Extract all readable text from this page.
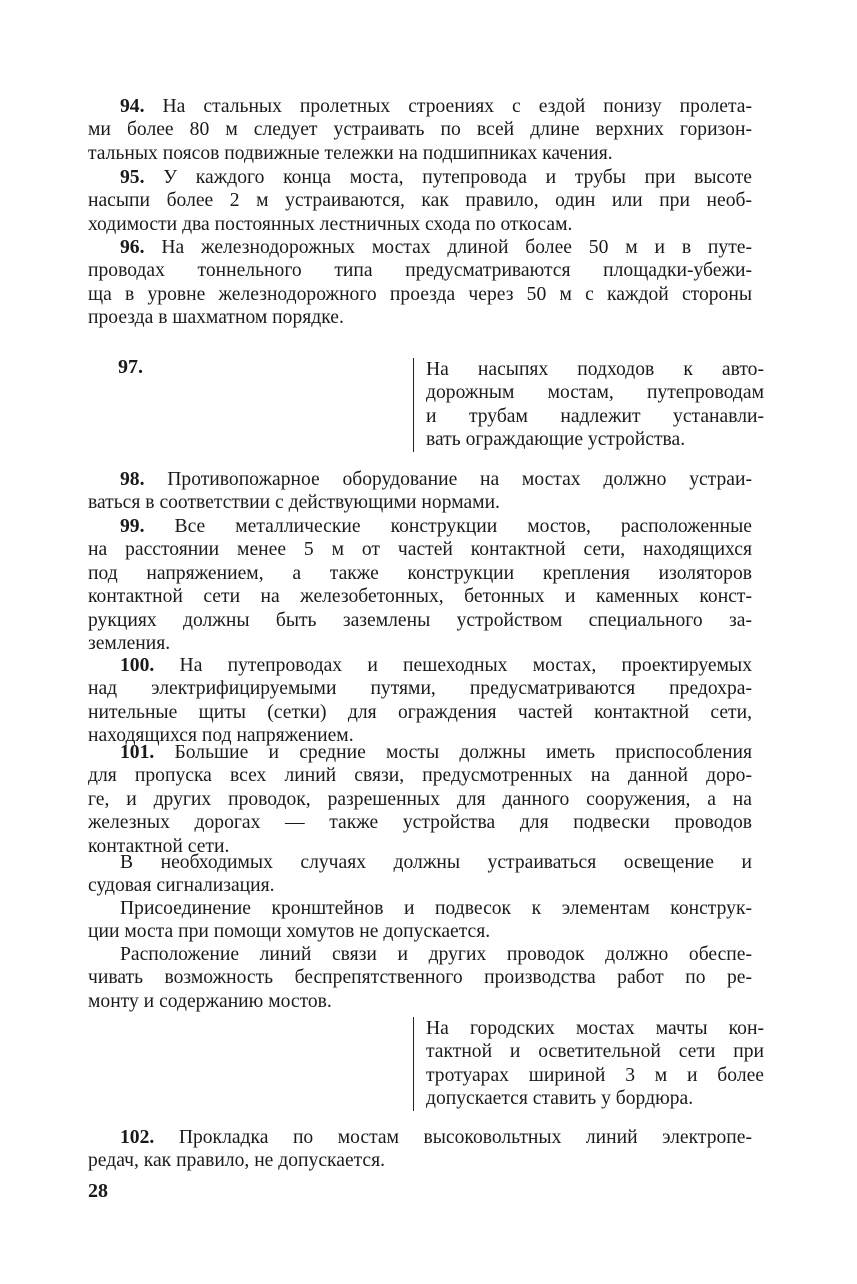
94. На стальных пролетных строениях с ездой понизу пролета-
ми более 80 м следует устраивать по всей длине верхних горизон-
тальных поясов подвижные тележки на подшипниках качения.
95. У каждого конца моста, путепровода и трубы при высоте
насыпи более 2 м устраиваются, как правило, один или при необ-
ходимости два постоянных лестничных схода по откосам.
96. На железнодорожных мостах длиной более 50 м и в путе-
проводах тоннельного типа предусматриваются площадки-убежи-
ща в уровне железнодорожного проезда через 50 м с каждой стороны
проезда в шахматном порядке.
97.	На насыпях подходов к авто-
дорожным мостам, путепроводам
и трубам надлежит устанавли-
вать ограждающие устройства.
98. Противопожарное оборудование на мостах должно устраи-
ваться в соответствии с действующими нормами.
99. Все металлические конструкции мостов, расположенные
на расстоянии менее 5 м от частей контактной сети, находящихся
под напряжением, а также конструкции крепления изоляторов
контактной сети на железобетонных, бетонных и каменных конст-
рукциях должны быть заземлены устройством специального за-
земления.
100. На путепроводах и пешеходных мостах, проектируемых
над электрифицируемыми путями, предусматриваются предохра-
нительные щиты (сетки) для ограждения частей контактной сети,
находящихся под напряжением.
101. Большие и средние мосты должны иметь приспособления
для пропуска всех линий связи, предусмотренных на данной доро-
ге, и других проводок, разрешенных для данного сооружения, а на
железных дорогах — также устройства для подвески проводов
контактной сети.
В необходимых случаях должны устраиваться освещение и
судовая сигнализация.
Присоединение кронштейнов и подвесок к элементам конструк-
ции моста при помощи хомутов не допускается.
Расположение линий связи и других проводок должно обеспе-
чивать возможность беспрепятственного производства работ по ре-
монту и содержанию мостов.
На городских мостах мачты кон-
тактной и осветительной сети при
тротуарах шириной 3 м и более
допускается ставить у бордюра.
102. Прокладка по мостам высоковольтных линий электропе-
редач, как правило, не допускается.
28
